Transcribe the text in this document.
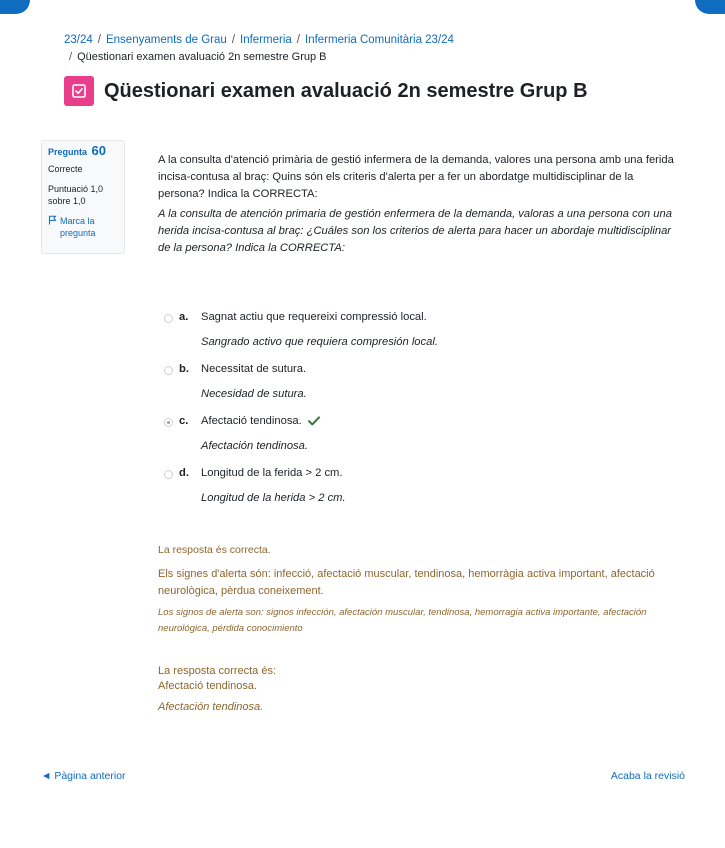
23/24 / Ensenyaments de Grau / Infermeria / Infermeria Comunitària 23/24
/ Qüestionari examen avaluació 2n semestre Grup B
Qüestionari examen avaluació 2n semestre Grup B
Pregunta 60
Correcte
Puntuació 1,0
sobre 1,0
Marca la
pregunta
A la consulta d'atenció primària de gestió infermera de la demanda, valores una persona amb una ferida incisa-contusa al braç: Quins són els criteris d'alerta per a fer un abordatge multidisciplinar de la persona? Indica la CORRECTA:
A la consulta de atención primaria de gestión enfermera de la demanda, valoras a una persona con una herida incisa-contusa al braç: ¿Cuáles son los criterios de alerta para hacer un abordaje multidisciplinar de la persona? Indica la CORRECTA:
a. Sagnat actiu que requereixi compressió local.
Sangrado activo que requiera compresión local.
b. Necessitat de sutura.
Necesidad de sutura.
c. Afectació tendinosa.
Afectación tendinosa.
d. Longitud de la ferida > 2 cm.
Longitud de la herida > 2 cm.
La resposta és correcta.
Els signes d'alerta són: infecció, afectació muscular, tendinosa, hemorràgia activa important, afectació neurològica, pèrdua coneixement.
Los signos de alerta son: signos infección, afectación muscular, tendinosa, hemorragia activa importante, afectación neurológica, pérdida conocimiento
La resposta correcta és:
Afectació tendinosa.
Afectación tendinosa.
◄ Pàgina anterior	Acaba la revisió
